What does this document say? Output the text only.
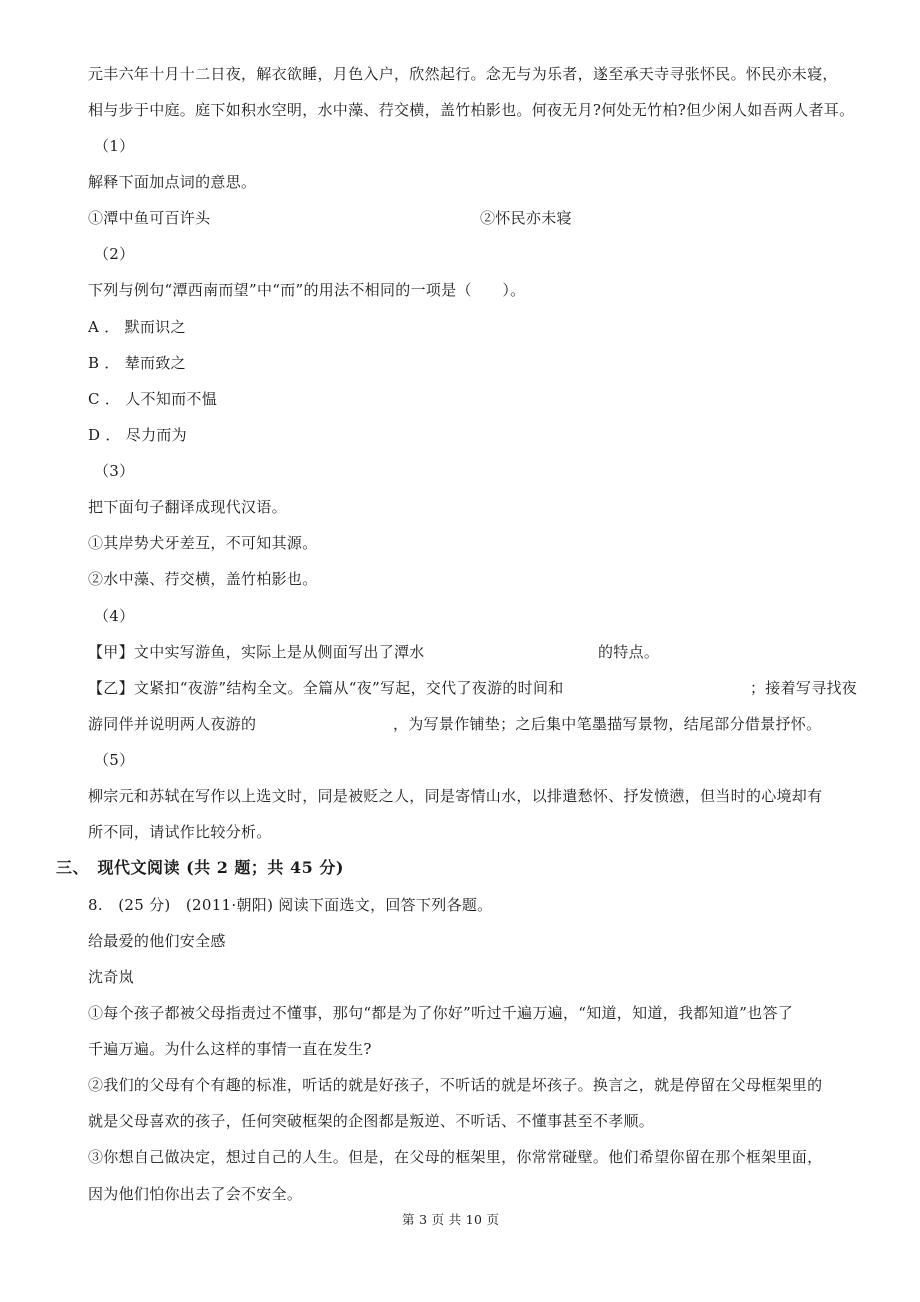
元丰六年十月十二日夜，解衣欲睡，月色入户，欣然起行。念无与为乐者，遂至承天寺寻张怀民。怀民亦未寝，
相与步于中庭。庭下如积水空明，水中藻、荇交横，盖竹柏影也。何夜无月?何处无竹柏?但少闲人如吾两人者耳。
（1）
解释下面加点词的意思。
①潭中鱼可百许头	②怀民亦未寝
（2）
下列与例句“潭西南而望”中“而”的用法不相同的一项是（　　）。
A ． 默而识之
B ． 辇而致之
C ． 人不知而不愠
D ． 尽力而为
（3）
把下面句子翻译成现代汉语。
①其岸势犬牙差互，不可知其源。
②水中藻、荇交横，盖竹柏影也。
（4）
【甲】文中实写游鱼，实际上是从侧面写出了潭水	的特点。
【乙】文紧扣“夜游”结构全文。全篇从“夜”写起，交代了夜游的时间和	；接着写寻找夜
游同伴并说明两人夜游的	，为写景作铺垫；之后集中笔墨描写景物，结尾部分借景抒怀。
（5）
柳宗元和苏轼在写作以上选文时，同是被贬之人，同是寄情山水，以排遣愁怀、抒发愤懑，但当时的心境却有
所不同，请试作比较分析。
三、　现代文阅读 (共 2 题；共 45 分)
8.　(25 分)　(2011·朝阳) 阅读下面选文，回答下列各题。
给最爱的他们安全感
沈奇岚
①每个孩子都被父母指责过不懂事，那句“都是为了你好”听过千遍万遍，“知道，知道，我都知道”也答了
千遍万遍。为什么这样的事情一直在发生?
②我们的父母有个有趣的标准，听话的就是好孩子，不听话的就是坏孩子。换言之，就是停留在父母框架里的
就是父母喜欢的孩子，任何突破框架的企图都是叛逆、不听话、不懂事甚至不孝顺。
③你想自己做决定，想过自己的人生。但是，在父母的框架里，你常常碰壁。他们希望你留在那个框架里面，
因为他们怕你出去了会不安全。
第 3 页 共 10 页
